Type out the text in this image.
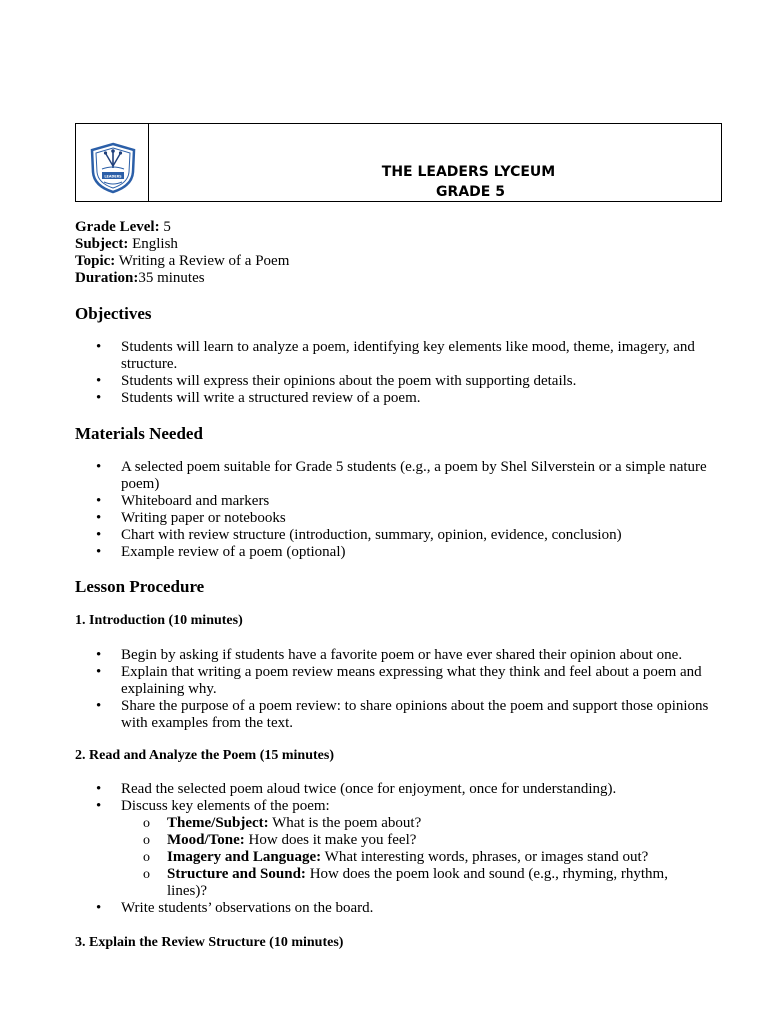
LEADERS	THE LEADERS LYCEUM
GRADE 5
Grade Level: 5
Subject: English
Topic: Writing a Review of a Poem
Duration:35 minutes
Objectives
• Students will learn to analyze a poem, identifying key elements like mood, theme, imagery, and structure.
• Students will express their opinions about the poem with supporting details.
• Students will write a structured review of a poem.
Materials Needed
• A selected poem suitable for Grade 5 students (e.g., a poem by Shel Silverstein or a simple nature poem)
• Whiteboard and markers
• Writing paper or notebooks
• Chart with review structure (introduction, summary, opinion, evidence, conclusion)
• Example review of a poem (optional)
Lesson Procedure
1. Introduction (10 minutes)
• Begin by asking if students have a favorite poem or have ever shared their opinion about one.
• Explain that writing a poem review means expressing what they think and feel about a poem and explaining why.
• Share the purpose of a poem review: to share opinions about the poem and support those opinions with examples from the text.
2. Read and Analyze the Poem (15 minutes)
• Read the selected poem aloud twice (once for enjoyment, once for understanding).
• Discuss key elements of the poem:
o Theme/Subject: What is the poem about?
o Mood/Tone: How does it make you feel?
o Imagery and Language: What interesting words, phrases, or images stand out?
o Structure and Sound: How does the poem look and sound (e.g., rhyming, rhythm, lines)?
• Write students’ observations on the board.
3. Explain the Review Structure (10 minutes)
